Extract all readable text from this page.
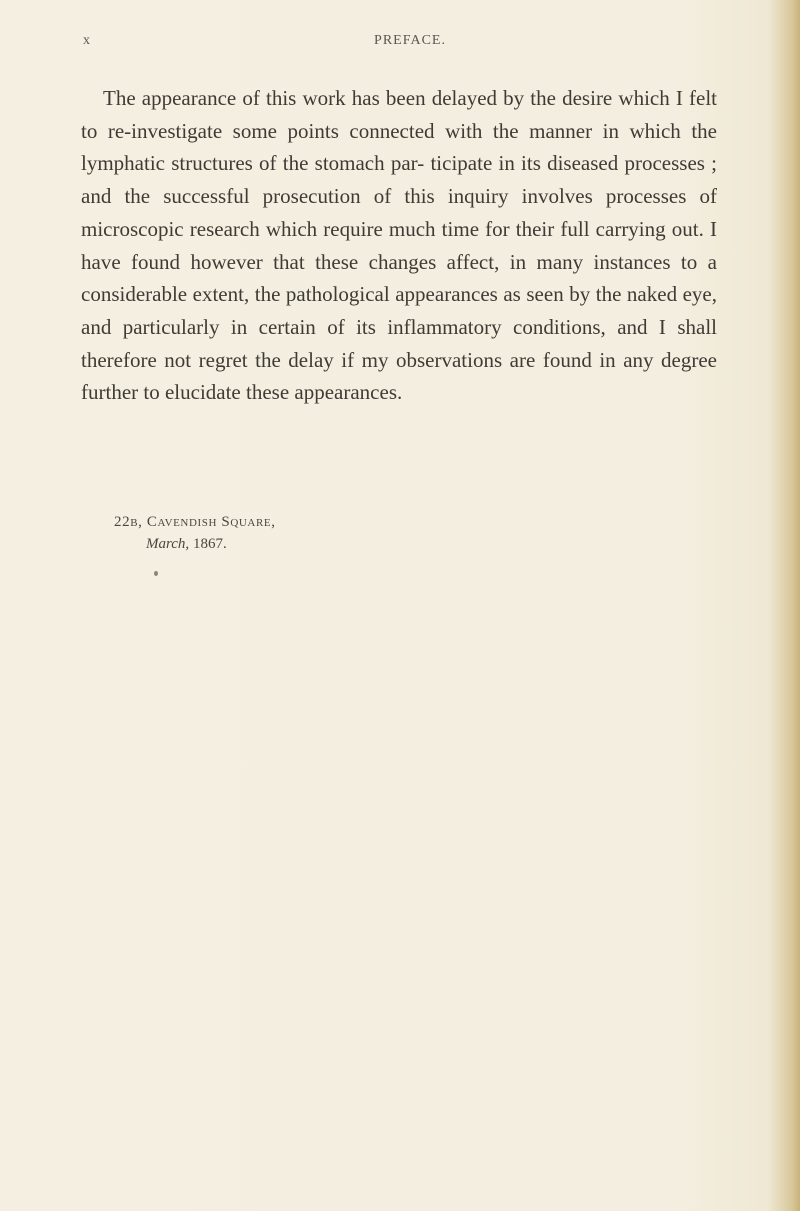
x	PREFACE.

The appearance of this work has been delayed by the desire which I felt to re-investigate some points connected with the manner in which the lymphatic structures of the stomach par- ticipate in its diseased processes ; and the successful prosecution of this inquiry involves processes of microscopic research which require much time for their full carrying out. I have found however that these changes affect, in many instances to a considerable extent, the pathological appearances as seen by the naked eye, and particularly in certain of its inflammatory conditions, and I shall therefore not regret the delay if my observations are found in any degree further to elucidate these appearances.

22b, Cavendish Square,
March, 1867.
